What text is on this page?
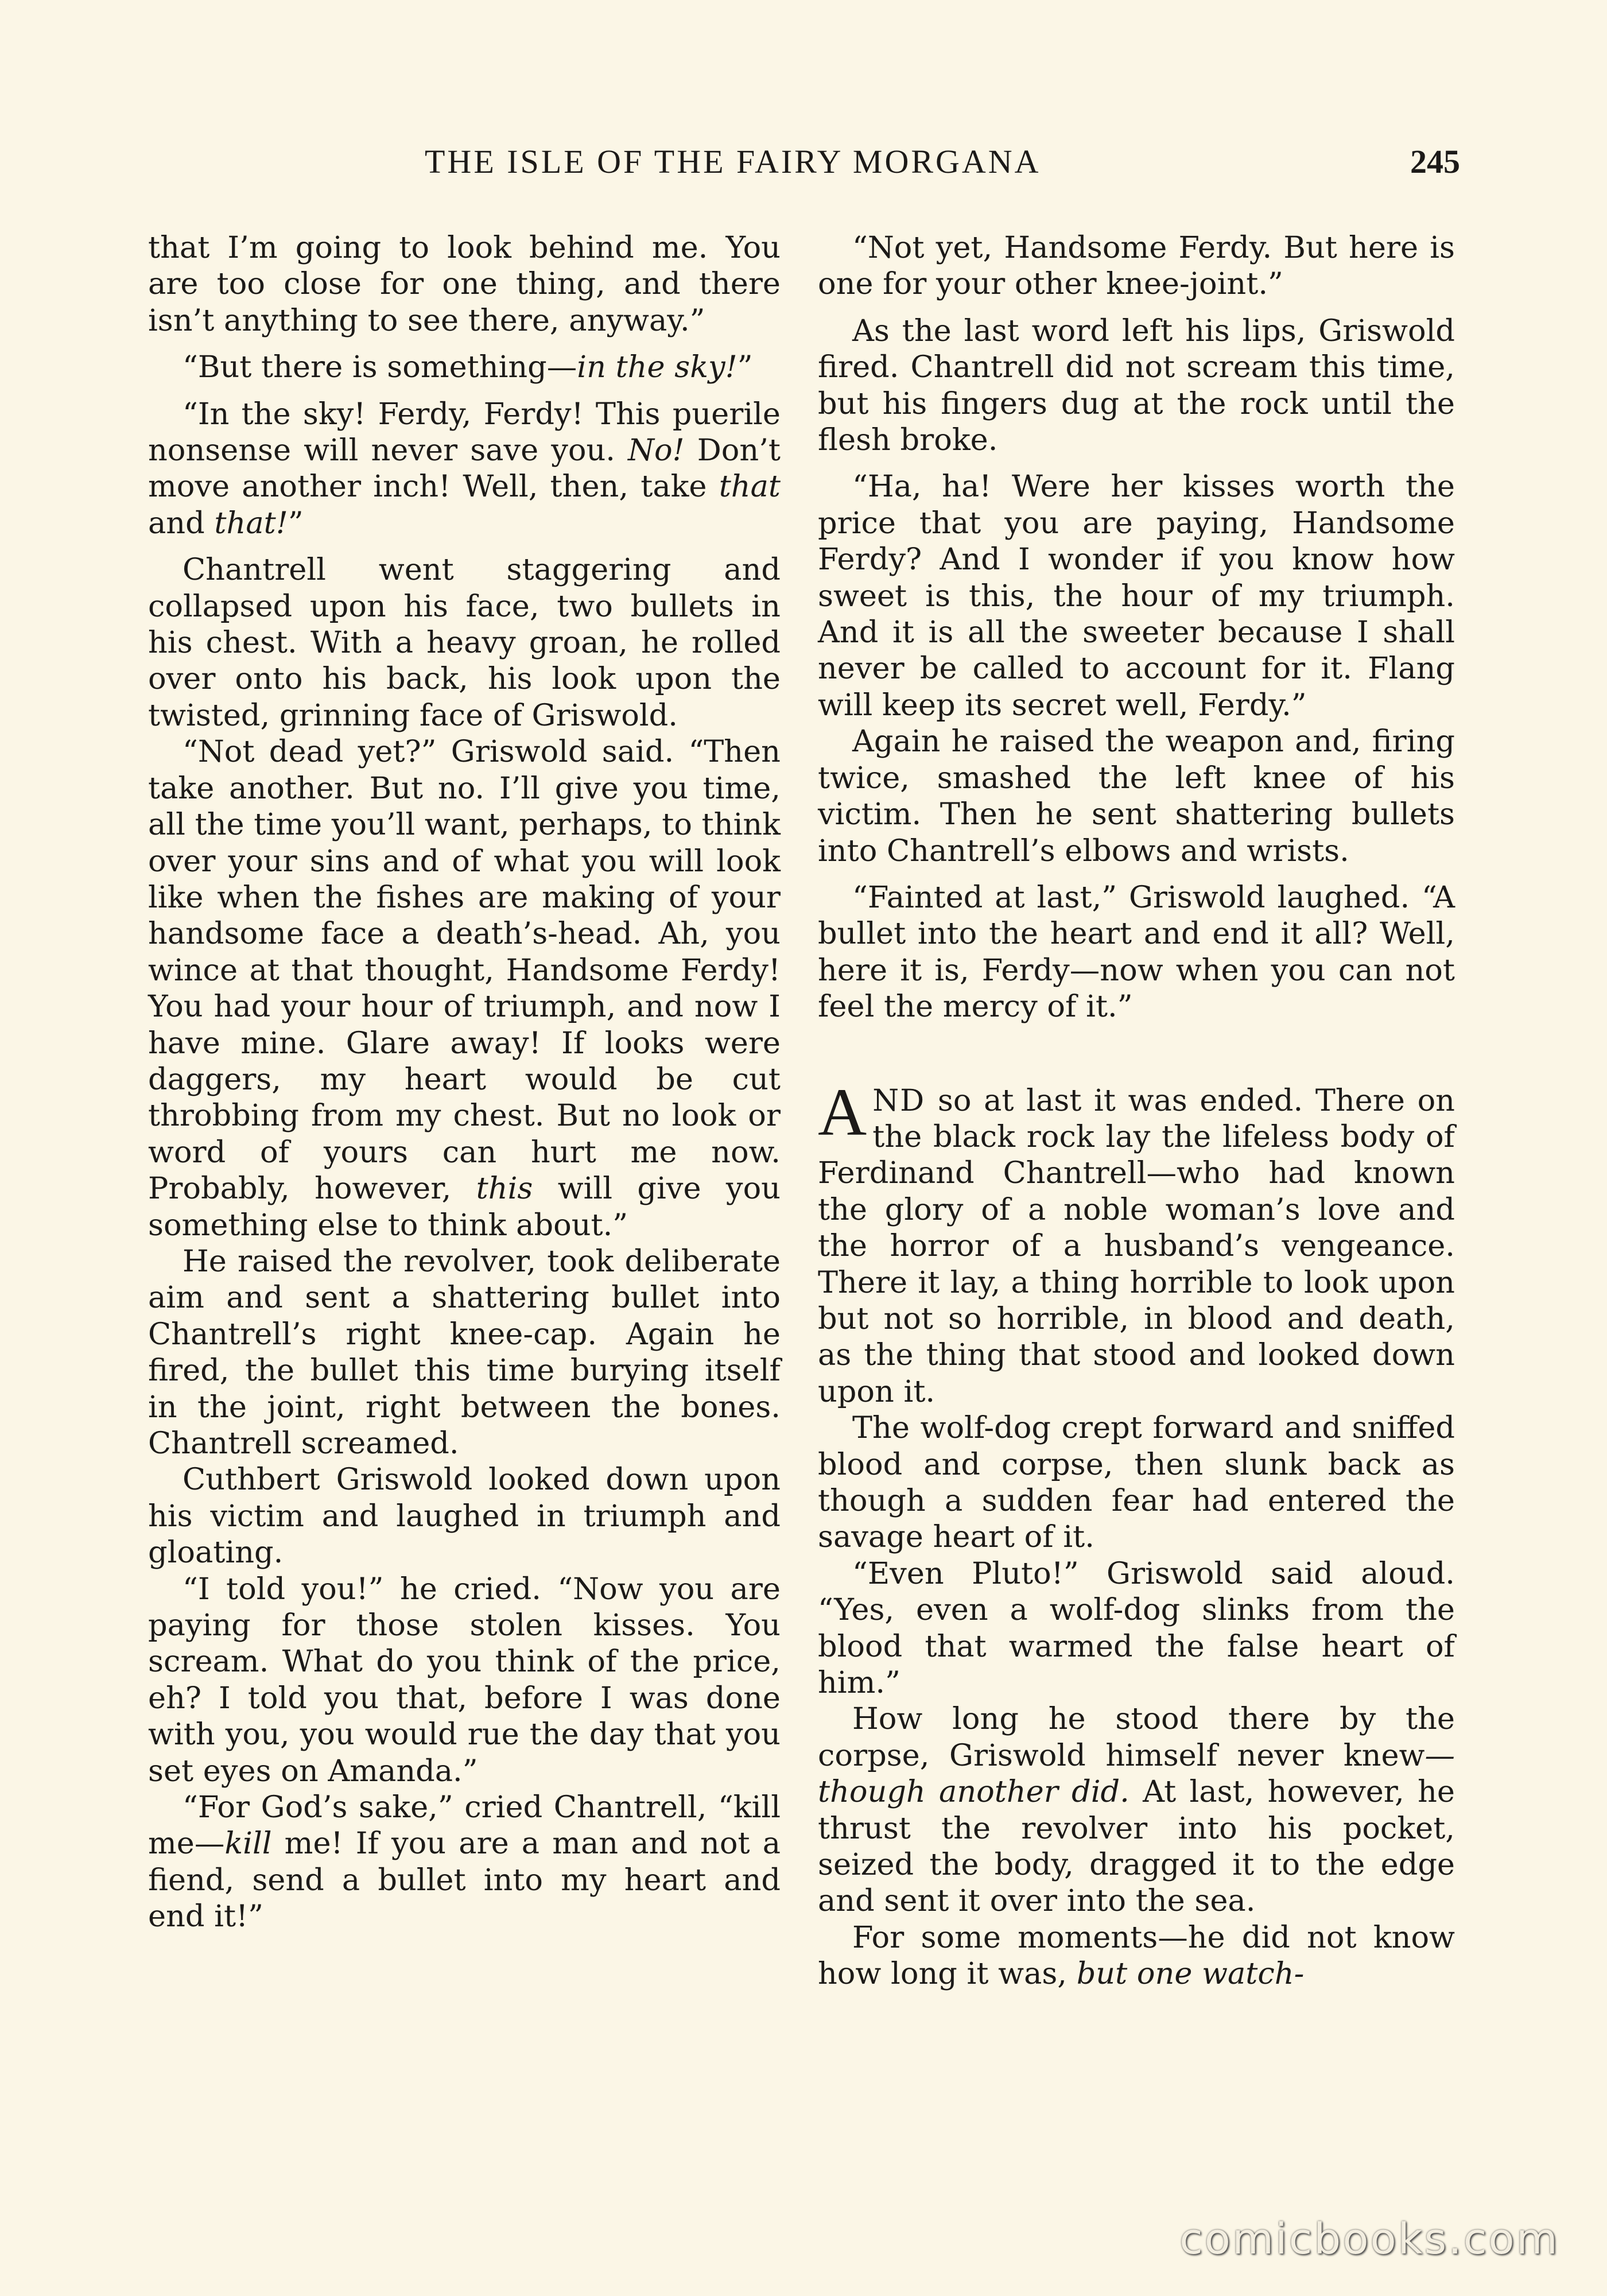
THE ISLE OF THE FAIRY MORGANA	245

that I’m going to look behind me. You are too close for one thing, and there isn’t anything to see there, anyway.”

“But there is something—in the sky!”

“In the sky! Ferdy, Ferdy! This puerile nonsense will never save you. No! Don’t move another inch! Well, then, take that and that!”

Chantrell went staggering and collapsed upon his face, two bullets in his chest. With a heavy groan, he rolled over onto his back, his look upon the twisted, grinning face of Griswold.

“Not dead yet?” Griswold said. “Then take another. But no. I’ll give you time, all the time you’ll want, perhaps, to think over your sins and of what you will look like when the fishes are making of your handsome face a death’s-head. Ah, you wince at that thought, Handsome Ferdy! You had your hour of triumph, and now I have mine. Glare away! If looks were daggers, my heart would be cut throbbing from my chest. But no look or word of yours can hurt me now. Probably, however, this will give you something else to think about.”

He raised the revolver, took deliberate aim and sent a shattering bullet into Chantrell’s right knee-cap. Again he fired, the bullet this time burying itself in the joint, right between the bones. Chantrell screamed.

Cuthbert Griswold looked down upon his victim and laughed in triumph and gloating.

“I told you!” he cried. “Now you are paying for those stolen kisses. You scream. What do you think of the price, eh? I told you that, before I was done with you, you would rue the day that you set eyes on Amanda.”

“For God’s sake,” cried Chantrell, “kill me—kill me! If you are a man and not a fiend, send a bullet into my heart and end it!”

“Not yet, Handsome Ferdy. But here is one for your other knee-joint.”

As the last word left his lips, Griswold fired. Chantrell did not scream this time, but his fingers dug at the rock until the flesh broke.

“Ha, ha! Were her kisses worth the price that you are paying, Handsome Ferdy? And I wonder if you know how sweet is this, the hour of my triumph. And it is all the sweeter because I shall never be called to account for it. Flang will keep its secret well, Ferdy.”

Again he raised the weapon and, firing twice, smashed the left knee of his victim. Then he sent shattering bullets into Chantrell’s elbows and wrists.

“Fainted at last,” Griswold laughed. “A bullet into the heart and end it all? Well, here it is, Ferdy—now when you can not feel the mercy of it.”

AND so at last it was ended. There on the black rock lay the lifeless body of Ferdinand Chantrell—who had known the glory of a noble woman’s love and the horror of a husband’s vengeance. There it lay, a thing horrible to look upon but not so horrible, in blood and death, as the thing that stood and looked down upon it.

The wolf-dog crept forward and sniffed blood and corpse, then slunk back as though a sudden fear had entered the savage heart of it.

“Even Pluto!” Griswold said aloud. “Yes, even a wolf-dog slinks from the blood that warmed the false heart of him.”

How long he stood there by the corpse, Griswold himself never knew—though another did. At last, however, he thrust the revolver into his pocket, seized the body, dragged it to the edge and sent it over into the sea.

For some moments—he did not know how long it was, but one watch-

comicbooks.com
